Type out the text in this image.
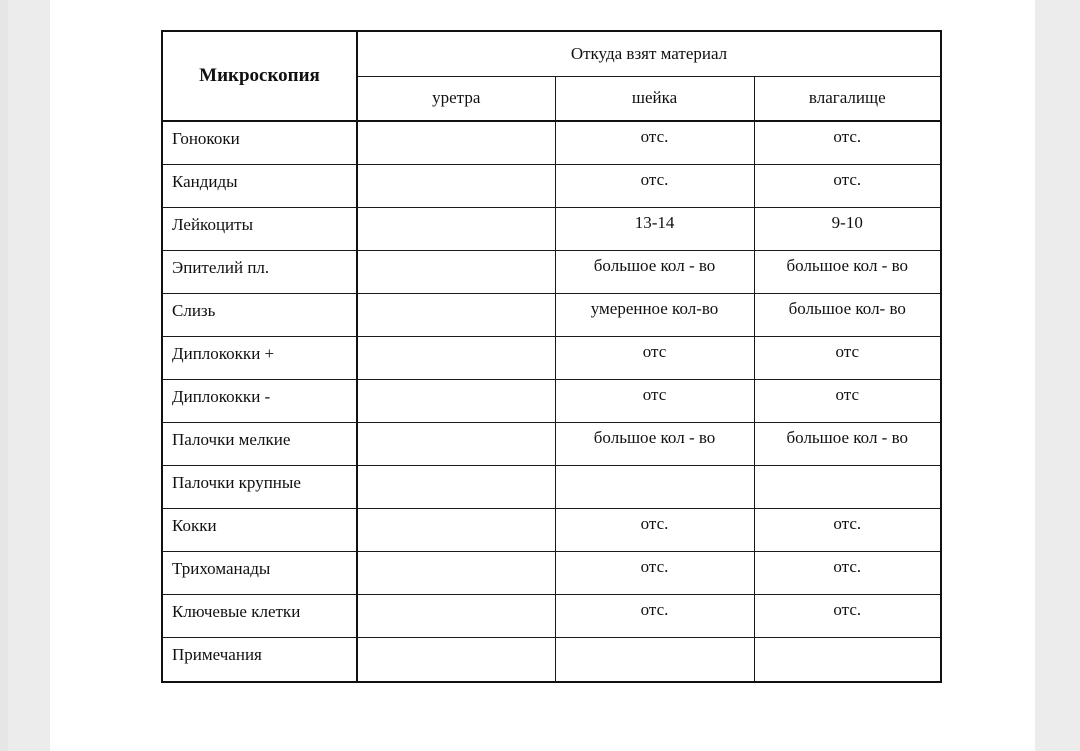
Микроскопия	Откуда взят материал		
	уретра	шейка	влагалище
Гонококи		отс.	отс.
Кандиды		отс.	отс.
Лейкоциты		13-14	9-10
Эпителий пл.		большое кол - во	большое кол - во
Слизь		умеренное кол-во	большое кол- во
Диплококки +		отс	отс
Диплококки -		отс	отс
Палочки мелкие		большое кол - во	большое кол - во
Палочки крупные			
Кокки		отс.	отс.
Трихоманады		отс.	отс.
Ключевые клетки		отс.	отс.
Примечания			
